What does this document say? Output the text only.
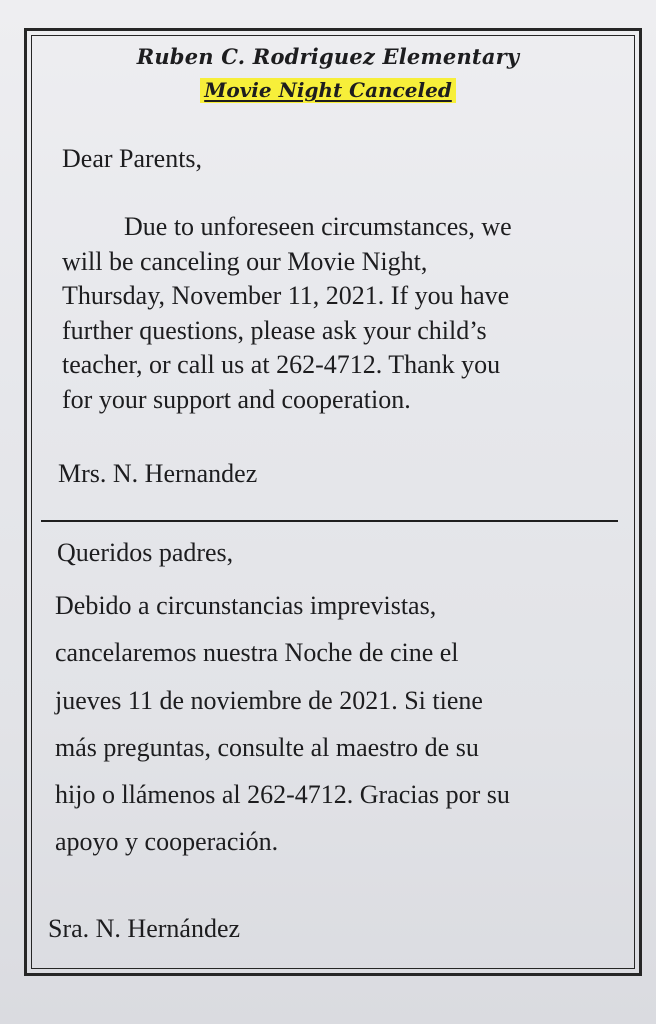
Ruben C. Rodriguez Elementary
Movie Night Canceled
Dear Parents,
Due to unforeseen circumstances, we
will be canceling our Movie Night,
Thursday, November 11, 2021. If you have
further questions, please ask your child’s
teacher, or call us at 262-4712. Thank you
for your support and cooperation.
Mrs. N. Hernandez
Queridos padres,
Debido a circunstancias imprevistas,
cancelaremos nuestra Noche de cine el
jueves 11 de noviembre de 2021. Si tiene
más preguntas, consulte al maestro de su
hijo o llámenos al 262-4712. Gracias por su
apoyo y cooperación.
Sra. N. Hernández
